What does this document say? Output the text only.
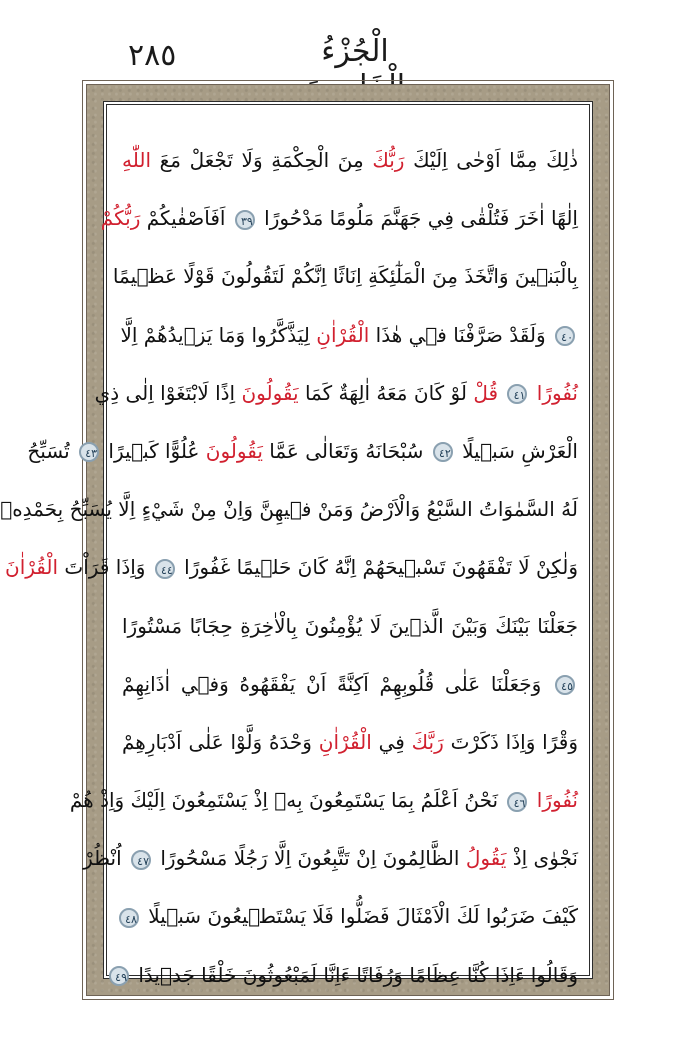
٢٨٥	الْجُزْءُ
ذٰلِكَ مِمَّا اَوْحٰى اِلَيْكَ رَبُّكَ مِنَ الْحِكْمَةِ وَلَا تَجْعَلْ مَعَ اللّٰهِ
اِلٰهًا اٰخَرَ فَتُلْقٰى فِي جَهَنَّمَ مَلُومًا مَدْحُورًا ٣٩ اَفَاَصْفٰيكُمْ رَبُّكُمْ
بِالْبَنٖينَ وَاتَّخَذَ مِنَ الْمَلٰٓئِكَةِ اِنَاثًا اِنَّكُمْ لَتَقُولُونَ قَوْلًا عَظٖيمًا
٤٠ وَلَقَدْ صَرَّفْنَا فٖي هٰذَا الْقُرْاٰنِ لِيَذَّكَّرُوا وَمَا يَزٖيدُهُمْ اِلَّا
نُفُورًا ٤١ قُلْ لَوْ كَانَ مَعَهُ اٰلِهَةٌ كَمَا يَقُولُونَ اِذًا لَابْتَغَوْا اِلٰى ذِي
الْعَرْشِ سَبٖيلًا ٤٢ سُبْحَانَهُ وَتَعَالٰى عَمَّا يَقُولُونَ عُلُوًّا كَبٖيرًا ٤٣ تُسَبِّحُ
لَهُ السَّمٰوَاتُ السَّبْعُ وَالْاَرْضُ وَمَنْ فٖيهِنَّ وَاِنْ مِنْ شَيْءٍ اِلَّا يُسَبِّحُ بِحَمْدِهٖ
وَلٰكِنْ لَا تَفْقَهُونَ تَسْبٖيحَهُمْ اِنَّهُ كَانَ حَلٖيمًا غَفُورًا ٤٤ وَاِذَا قَرَاْتَ الْقُرْاٰنَ
جَعَلْنَا بَيْنَكَ وَبَيْنَ الَّذٖينَ لَا يُؤْمِنُونَ بِالْاٰخِرَةِ حِجَابًا مَسْتُورًا
٤٥ وَجَعَلْنَا عَلٰى قُلُوبِهِمْ اَكِنَّةً اَنْ يَفْقَهُوهُ وَفٖي اٰذَانِهِمْ
وَقْرًا وَاِذَا ذَكَرْتَ رَبَّكَ فِي الْقُرْاٰنِ وَحْدَهُ وَلَّوْا عَلٰى اَدْبَارِهِمْ
نُفُورًا ٤٦ نَحْنُ اَعْلَمُ بِمَا يَسْتَمِعُونَ بِهٖ اِذْ يَسْتَمِعُونَ اِلَيْكَ وَاِذْ هُمْ
نَجْوٰى اِذْ يَقُولُ الظَّالِمُونَ اِنْ تَتَّبِعُونَ اِلَّا رَجُلًا مَسْحُورًا ٤٧ اُنْظُرْ
كَيْفَ ضَرَبُوا لَكَ الْاَمْثَالَ فَضَلُّوا فَلَا يَسْتَطٖيعُونَ سَبٖيلًا ٤٨
وَقَالُوا ءَاِذَا كُنَّا عِظَامًا وَرُفَاتًا ءَاِنَّا لَمَبْعُوثُونَ خَلْقًا جَدٖيدًا ٤٩
